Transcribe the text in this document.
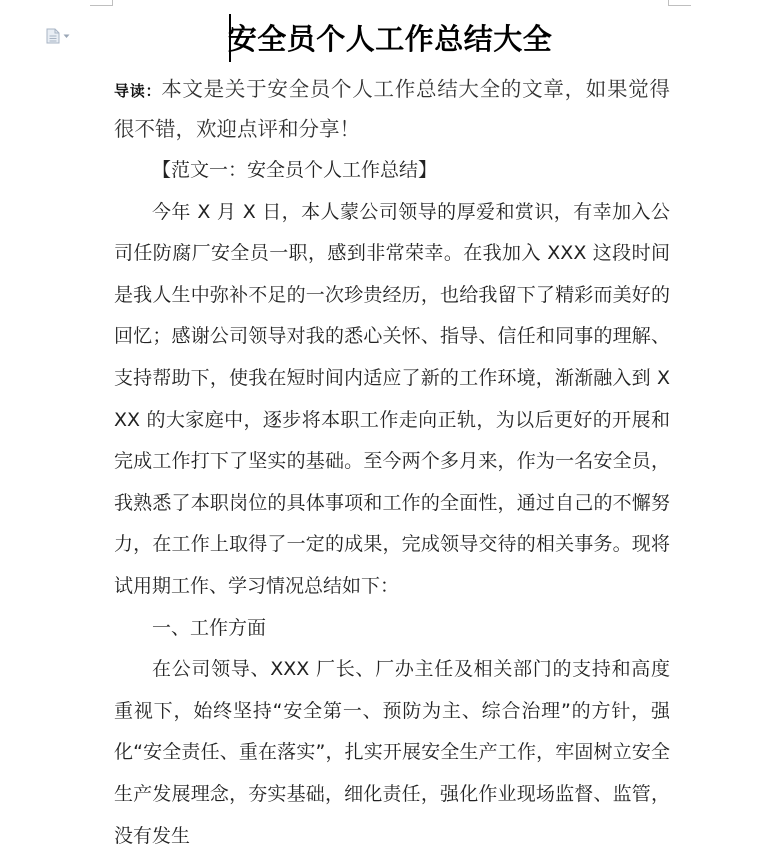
安全员个人工作总结大全

导读：本文是关于安全员个人工作总结大全的文章，如果觉得很不错，欢迎点评和分享！

【范文一：安全员个人工作总结】

今年 X 月 X 日，本人蒙公司领导的厚爱和赏识，有幸加入公司任防腐厂安全员一职，感到非常荣幸。在我加入 XXX 这段时间是我人生中弥补不足的一次珍贵经历，也给我留下了精彩而美好的回忆；感谢公司领导对我的悉心关怀、指导、信任和同事的理解、支持帮助下，使我在短时间内适应了新的工作环境，渐渐融入到 XXX 的大家庭中，逐步将本职工作走向正轨，为以后更好的开展和完成工作打下了坚实的基础。至今两个多月来，作为一名安全员，我熟悉了本职岗位的具体事项和工作的全面性，通过自己的不懈努力，在工作上取得了一定的成果，完成领导交待的相关事务。现将试用期工作、学习情况总结如下：

一、工作方面

在公司领导、XXX 厂长、厂办主任及相关部门的支持和高度重视下，始终坚持“安全第一、预防为主、综合治理”的方针，强化“安全责任、重在落实”，扎实开展安全生产工作，牢固树立安全生产发展理念，夯实基础，细化责任，强化作业现场监督、监管，没有发生
